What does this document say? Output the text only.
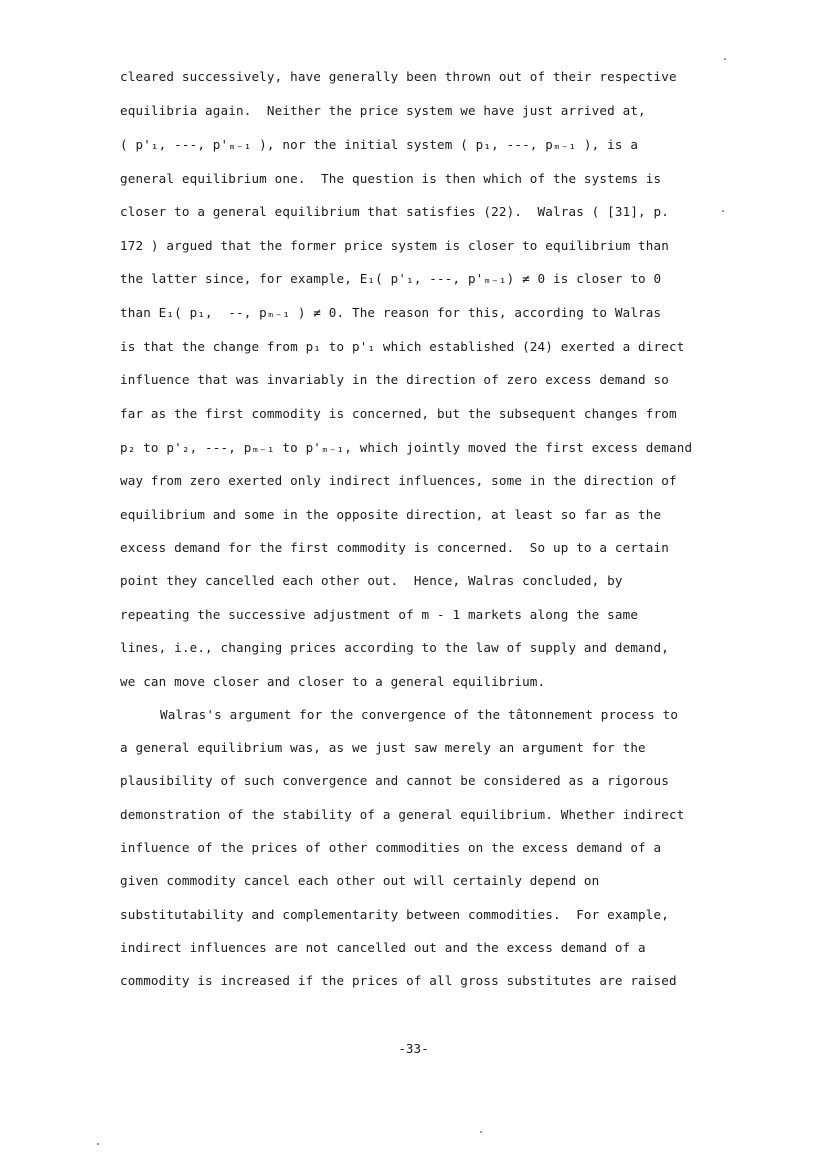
cleared successively, have generally been thrown out of their respective
equilibria again.  Neither the price system we have just arrived at,
( p'₁, ---, p'ₘ₋₁ ), nor the initial system ( p₁, ---, pₘ₋₁ ), is a
general equilibrium one.  The question is then which of the systems is
closer to a general equilibrium that satisfies (22).  Walras ( [31], p.
172 ) argued that the former price system is closer to equilibrium than
the latter since, for example, E₁( p'₁, ---, p'ₘ₋₁) ≠ 0 is closer to 0
than E₁( p₁,  --, pₘ₋₁ ) ≠ 0. The reason for this, according to Walras
is that the change from p₁ to p'₁ which established (24) exerted a direct
influence that was invariably in the direction of zero excess demand so
far as the first commodity is concerned, but the subsequent changes from
p₂ to p'₂, ---, pₘ₋₁ to p'ₘ₋₁, which jointly moved the first excess demand
way from zero exerted only indirect influences, some in the direction of
equilibrium and some in the opposite direction, at least so far as the
excess demand for the first commodity is concerned.  So up to a certain
point they cancelled each other out.  Hence, Walras concluded, by
repeating the successive adjustment of m - 1 markets along the same
lines, i.e., changing prices according to the law of supply and demand,
we can move closer and closer to a general equilibrium.
Walras's argument for the convergence of the tâtonnement process to
a general equilibrium was, as we just saw merely an argument for the
plausibility of such convergence and cannot be considered as a rigorous
demonstration of the stability of a general equilibrium. Whether indirect
influence of the prices of other commodities on the excess demand of a
given commodity cancel each other out will certainly depend on
substitutability and complementarity between commodities.  For example,
indirect influences are not cancelled out and the excess demand of a
commodity is increased if the prices of all gross substitutes are raised
-33-
